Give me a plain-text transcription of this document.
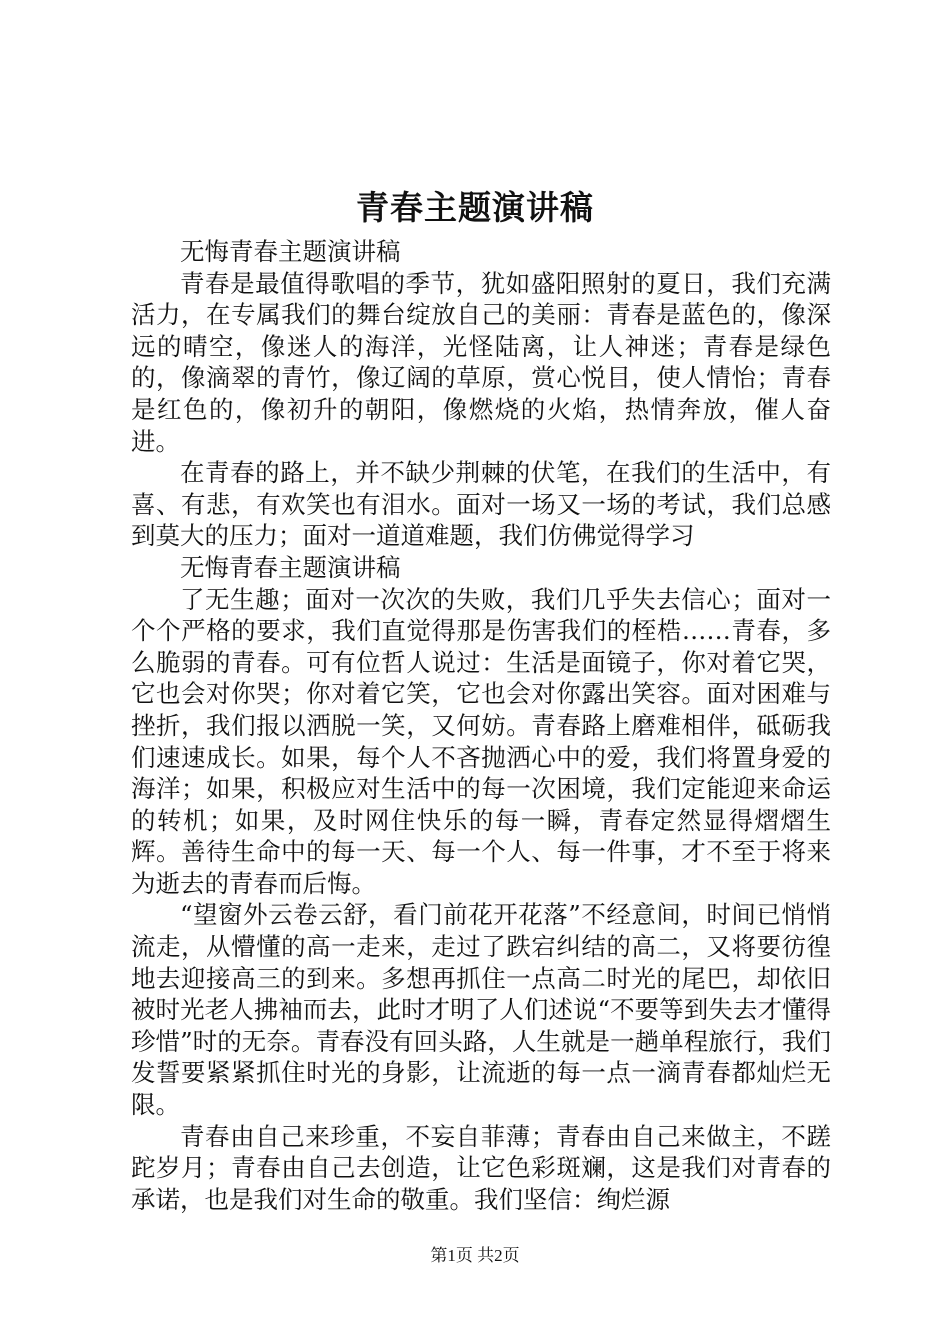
青春主题演讲稿

无悔青春主题演讲稿

青春是最值得歌唱的季节，犹如盛阳照射的夏日，我们充满活力，在专属我们的舞台绽放自己的美丽：青春是蓝色的，像深远的晴空，像迷人的海洋，光怪陆离，让人神迷；青春是绿色的，像滴翠的青竹，像辽阔的草原，赏心悦目，使人情怡；青春是红色的，像初升的朝阳，像燃烧的火焰，热情奔放，催人奋进。

在青春的路上，并不缺少荆棘的伏笔，在我们的生活中，有喜、有悲，有欢笑也有泪水。面对一场又一场的考试，我们总感到莫大的压力；面对一道道难题，我们仿佛觉得学习

无悔青春主题演讲稿

了无生趣；面对一次次的失败，我们几乎失去信心；面对一个个严格的要求，我们直觉得那是伤害我们的桎梏……青春，多么脆弱的青春。可有位哲人说过：生活是面镜子，你对着它哭，它也会对你哭；你对着它笑，它也会对你露出笑容。面对困难与挫折，我们报以洒脱一笑，又何妨。青春路上磨难相伴，砥砺我们速速成长。如果，每个人不吝抛洒心中的爱，我们将置身爱的海洋；如果，积极应对生活中的每一次困境，我们定能迎来命运的转机；如果，及时网住快乐的每一瞬，青春定然显得熠熠生辉。善待生命中的每一天、每一个人、每一件事，才不至于将来为逝去的青春而后悔。

“望窗外云卷云舒，看门前花开花落”不经意间，时间已悄悄流走，从懵懂的高一走来，走过了跌宕纠结的高二，又将要彷徨地去迎接高三的到来。多想再抓住一点高二时光的尾巴，却依旧被时光老人拂袖而去，此时才明了人们述说“不要等到失去才懂得珍惜”时的无奈。青春没有回头路，人生就是一趟单程旅行，我们发誓要紧紧抓住时光的身影，让流逝的每一点一滴青春都灿烂无限。

青春由自己来珍重，不妄自菲薄；青春由自己来做主，不蹉跎岁月；青春由自己去创造，让它色彩斑斓，这是我们对青春的承诺，也是我们对生命的敬重。我们坚信：绚烂源

第1页 共2页
